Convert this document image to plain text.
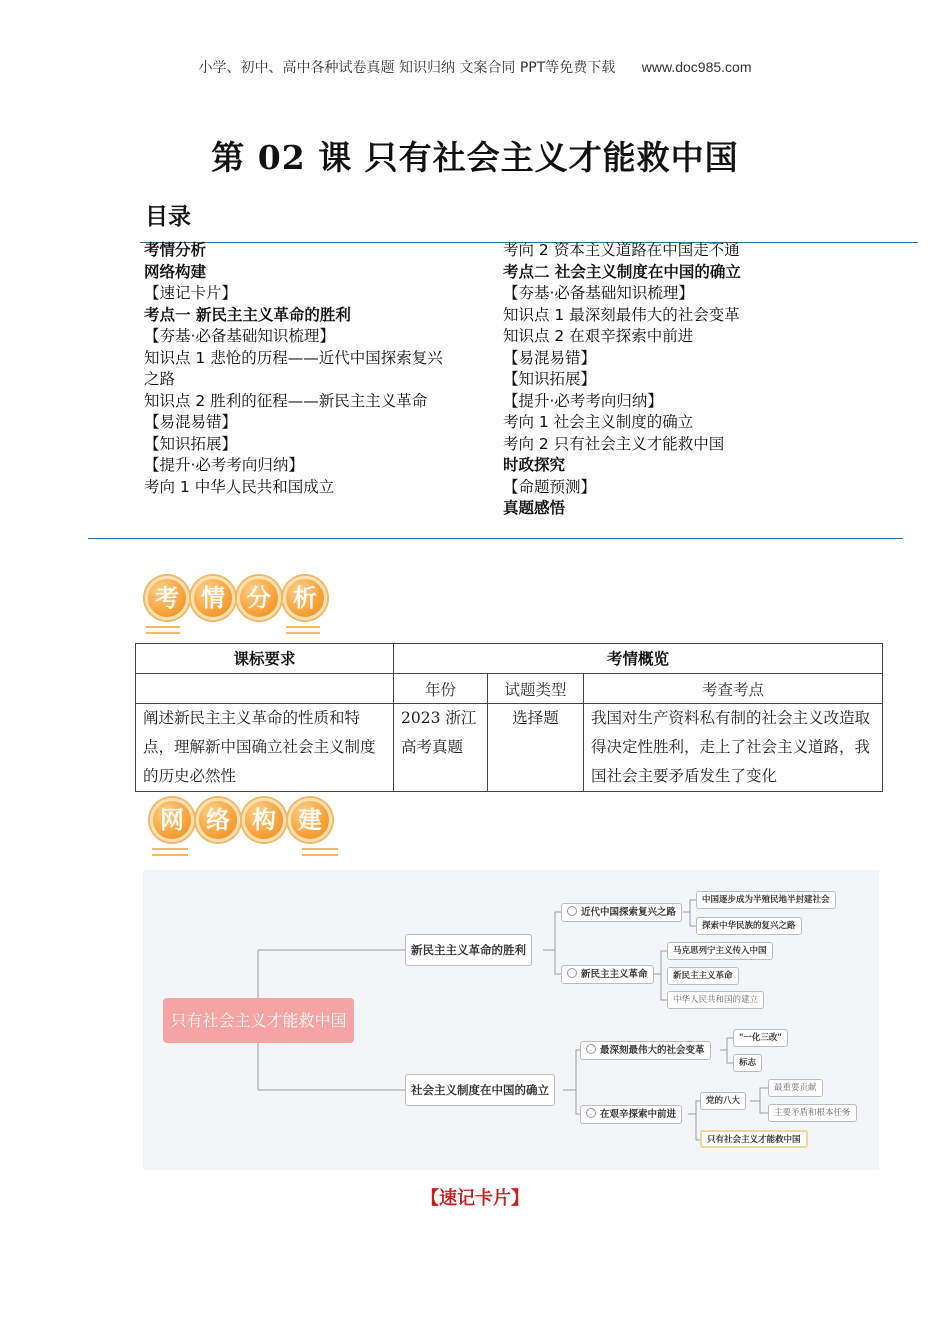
小学、初中、高中各种试卷真题 知识归纳 文案合同 PPT等免费下载 www.doc985.com
第 02 课 只有社会主义才能救中国
目录
考情分析
网络构建
【速记卡片】
考点一 新民主主义革命的胜利
【夯基·必备基础知识梳理】
知识点 1 悲怆的历程——近代中国探索复兴之路
知识点 2 胜利的征程——新民主主义革命
【易混易错】
【知识拓展】
【提升·必考考向归纳】
考向 1 中华人民共和国成立
考向 2 资本主义道路在中国走不通
考点二 社会主义制度在中国的确立
【夯基·必备基础知识梳理】
知识点 1 最深刻最伟大的社会变革
知识点 2 在艰辛探索中前进
【易混易错】
【知识拓展】
【提升·必考考向归纳】
考向 1 社会主义制度的确立
考向 2 只有社会主义才能救中国
时政探究
【命题预测】
真题感悟
考 情 分 析
课标要求	考情概览		
	年份	试题类型	考查考点
阐述新民主主义革命的性质和特点，理解新中国确立社会主义制度的历史必然性	2023 浙江高考真题	选择题	我国对生产资料私有制的社会主义改造取得决定性胜利，走上了社会主义道路，我国社会主要矛盾发生了变化
网 络 构 建
只有社会主义才能救中国
新民主主义革命的胜利
近代中国探索复兴之路
中国逐步成为半殖民地半封建社会
探索中华民族的复兴之路
新民主主义革命
马克思列宁主义传入中国
新民主主义革命
中华人民共和国的建立
社会主义制度在中国的确立
最深刻最伟大的社会变革
"一化三改"
标志
在艰辛探索中前进
党的八大
最重要贡献
主要矛盾和根本任务
只有社会主义才能救中国
【速记卡片】
